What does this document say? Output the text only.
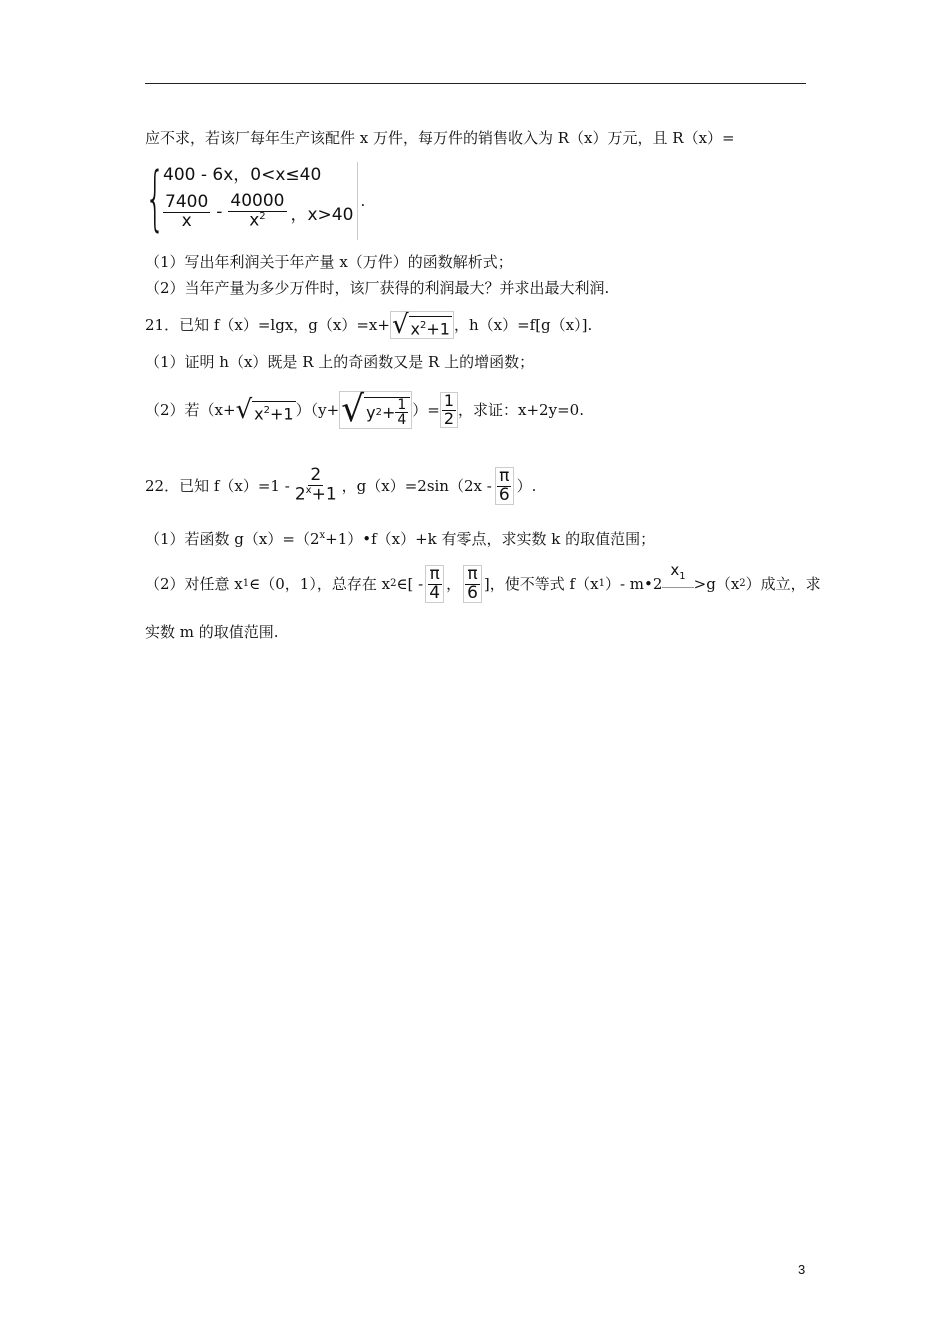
应不求，若该厂每年生产该配件 x 万件，每万件的销售收入为 R（x）万元，且 R（x）=
{
400 - 6x，0<x≤40
$\frac{7400}{x} - \frac{40000}{x^2}$ ，x>40
.
（1）写出年利润关于年产量 x（万件）的函数解析式；
（2）当年产量为多少万件时，该厂获得的利润最大？并求出最大利润.
21．已知 f（x）=lgx，g（x）=x+ √ $x^2+1$ ，h（x）=f[g（x）].
（1）证明 h（x）既是 R 上的奇函数又是 R 上的增函数；
（2）若（x+ √ $x^2+1$ ）（y+ √ y $2 + \frac{1}{4}$ ）= $\frac{1}{2}$ ，求证：x+2y=0.
22．已知 $f(x)=1 - \frac{2}{2^x+1}$ ，$g(x)=2\sin(2x - \frac{\pi}{6}$ ）.
（1）若函数 $g(x)=(2^x+1)•f(x)+k$ 有零点，求实数 k 的取值范围；
（2）对任意 x 1 ∈（0，1），总存在 x 2 ∈[ - $\frac{\pi}{4}$ ， $\frac{\pi}{6}$ ]，使不等式 f（x 1 ）- m•2
$x_1 >g(x$ 2 ）成立，求
实数 m 的取值范围.
3
